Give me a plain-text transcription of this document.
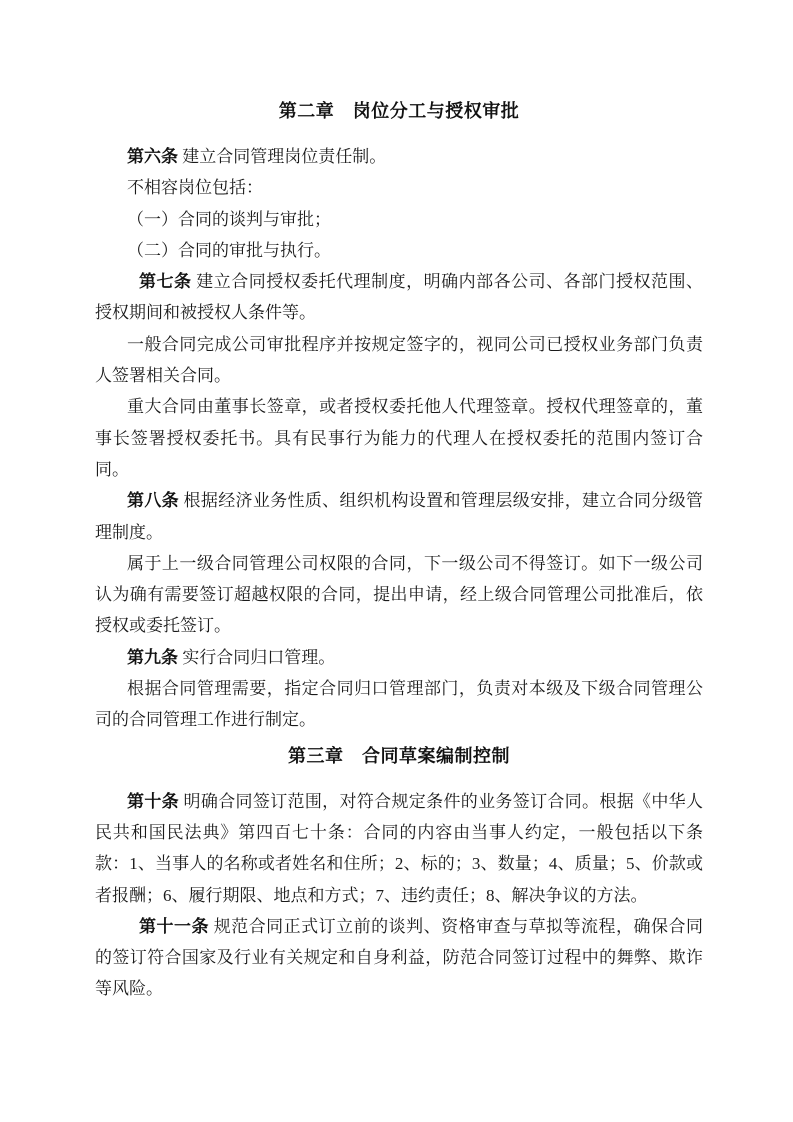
第二章　岗位分工与授权审批

第六条 建立合同管理岗位责任制。

不相容岗位包括：

（一）合同的谈判与审批；

（二）合同的审批与执行。

第七条 建立合同授权委托代理制度，明确内部各公司、各部门授权范围、授权期间和被授权人条件等。

一般合同完成公司审批程序并按规定签字的，视同公司已授权业务部门负责人签署相关合同。

重大合同由董事长签章，或者授权委托他人代理签章。授权代理签章的，董事长签署授权委托书。具有民事行为能力的代理人在授权委托的范围内签订合同。

第八条 根据经济业务性质、组织机构设置和管理层级安排，建立合同分级管理制度。

属于上一级合同管理公司权限的合同，下一级公司不得签订。如下一级公司认为确有需要签订超越权限的合同，提出申请，经上级合同管理公司批准后，依授权或委托签订。

第九条 实行合同归口管理。

根据合同管理需要，指定合同归口管理部门，负责对本级及下级合同管理公司的合同管理工作进行制定。

第三章　合同草案编制控制

第十条 明确合同签订范围，对符合规定条件的业务签订合同。根据《中华人民共和国民法典》第四百七十条：合同的内容由当事人约定，一般包括以下条款：1、当事人的名称或者姓名和住所；2、标的；3、数量；4、质量；5、价款或者报酬；6、履行期限、地点和方式；7、违约责任；8、解决争议的方法。

第十一条 规范合同正式订立前的谈判、资格审查与草拟等流程，确保合同的签订符合国家及行业有关规定和自身利益，防范合同签订过程中的舞弊、欺诈等风险。
